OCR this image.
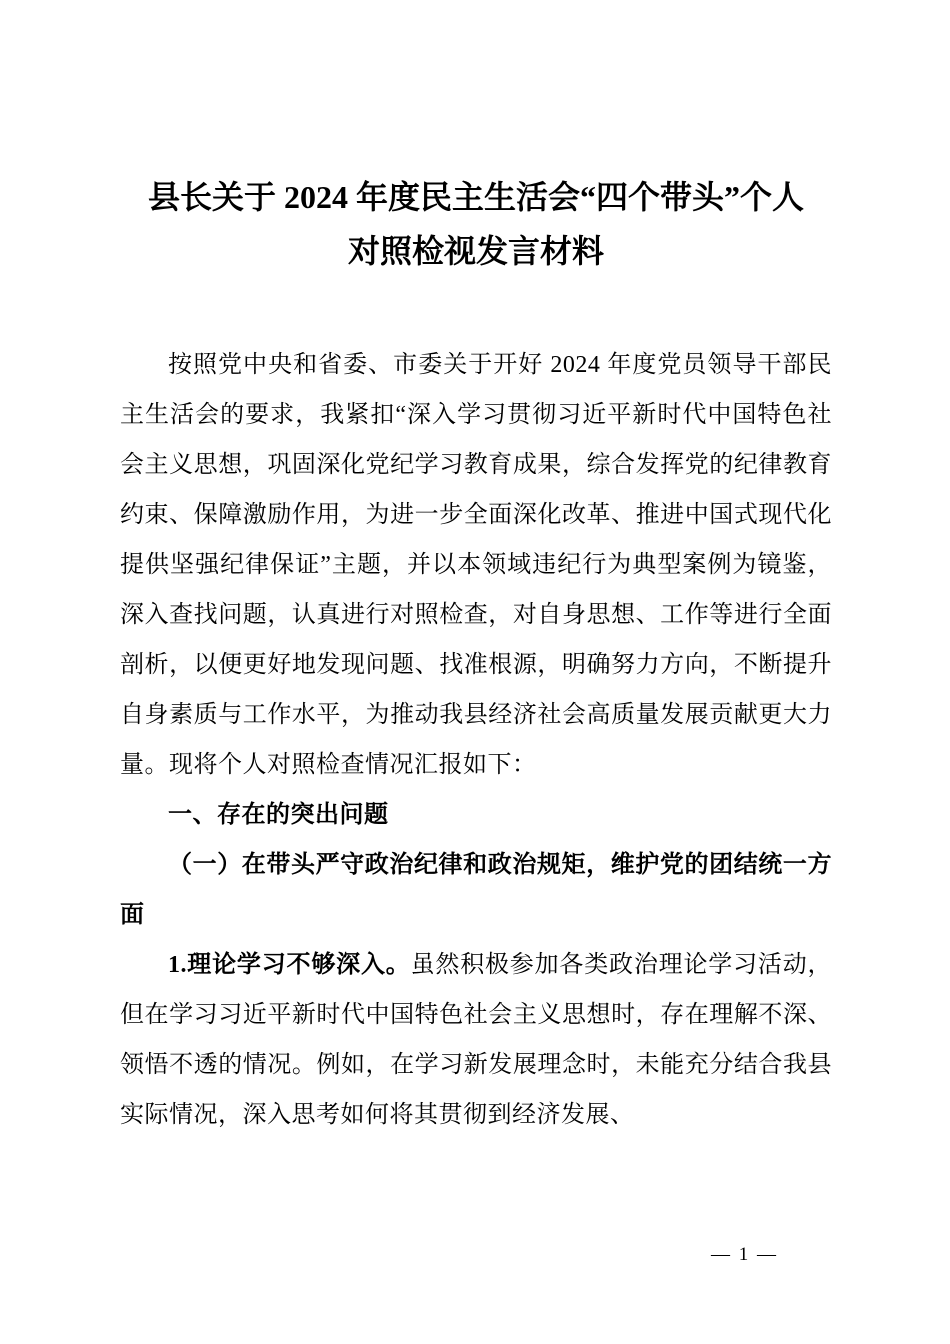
县长关于 2024 年度民主生活会“四个带头”个人
对照检视发言材料

按照党中央和省委、市委关于开好 2024 年度党员领导干部民主生活会的要求，我紧扣“深入学习贯彻习近平新时代中国特色社会主义思想，巩固深化党纪学习教育成果，综合发挥党的纪律教育约束、保障激励作用，为进一步全面深化改革、推进中国式现代化提供坚强纪律保证”主题，并以本领域违纪行为典型案例为镜鉴，深入查找问题，认真进行对照检查，对自身思想、工作等进行全面剖析，以便更好地发现问题、找准根源，明确努力方向，不断提升自身素质与工作水平，为推动我县经济社会高质量发展贡献更大力量。现将个人对照检查情况汇报如下：

一、存在的突出问题

（一）在带头严守政治纪律和政治规矩，维护党的团结统一方面

1.理论学习不够深入。虽然积极参加各类政治理论学习活动，但在学习习近平新时代中国特色社会主义思想时，存在理解不深、领悟不透的情况。例如，在学习新发展理念时，未能充分结合我县实际情况，深入思考如何将其贯彻到经济发展、

— 1 —
